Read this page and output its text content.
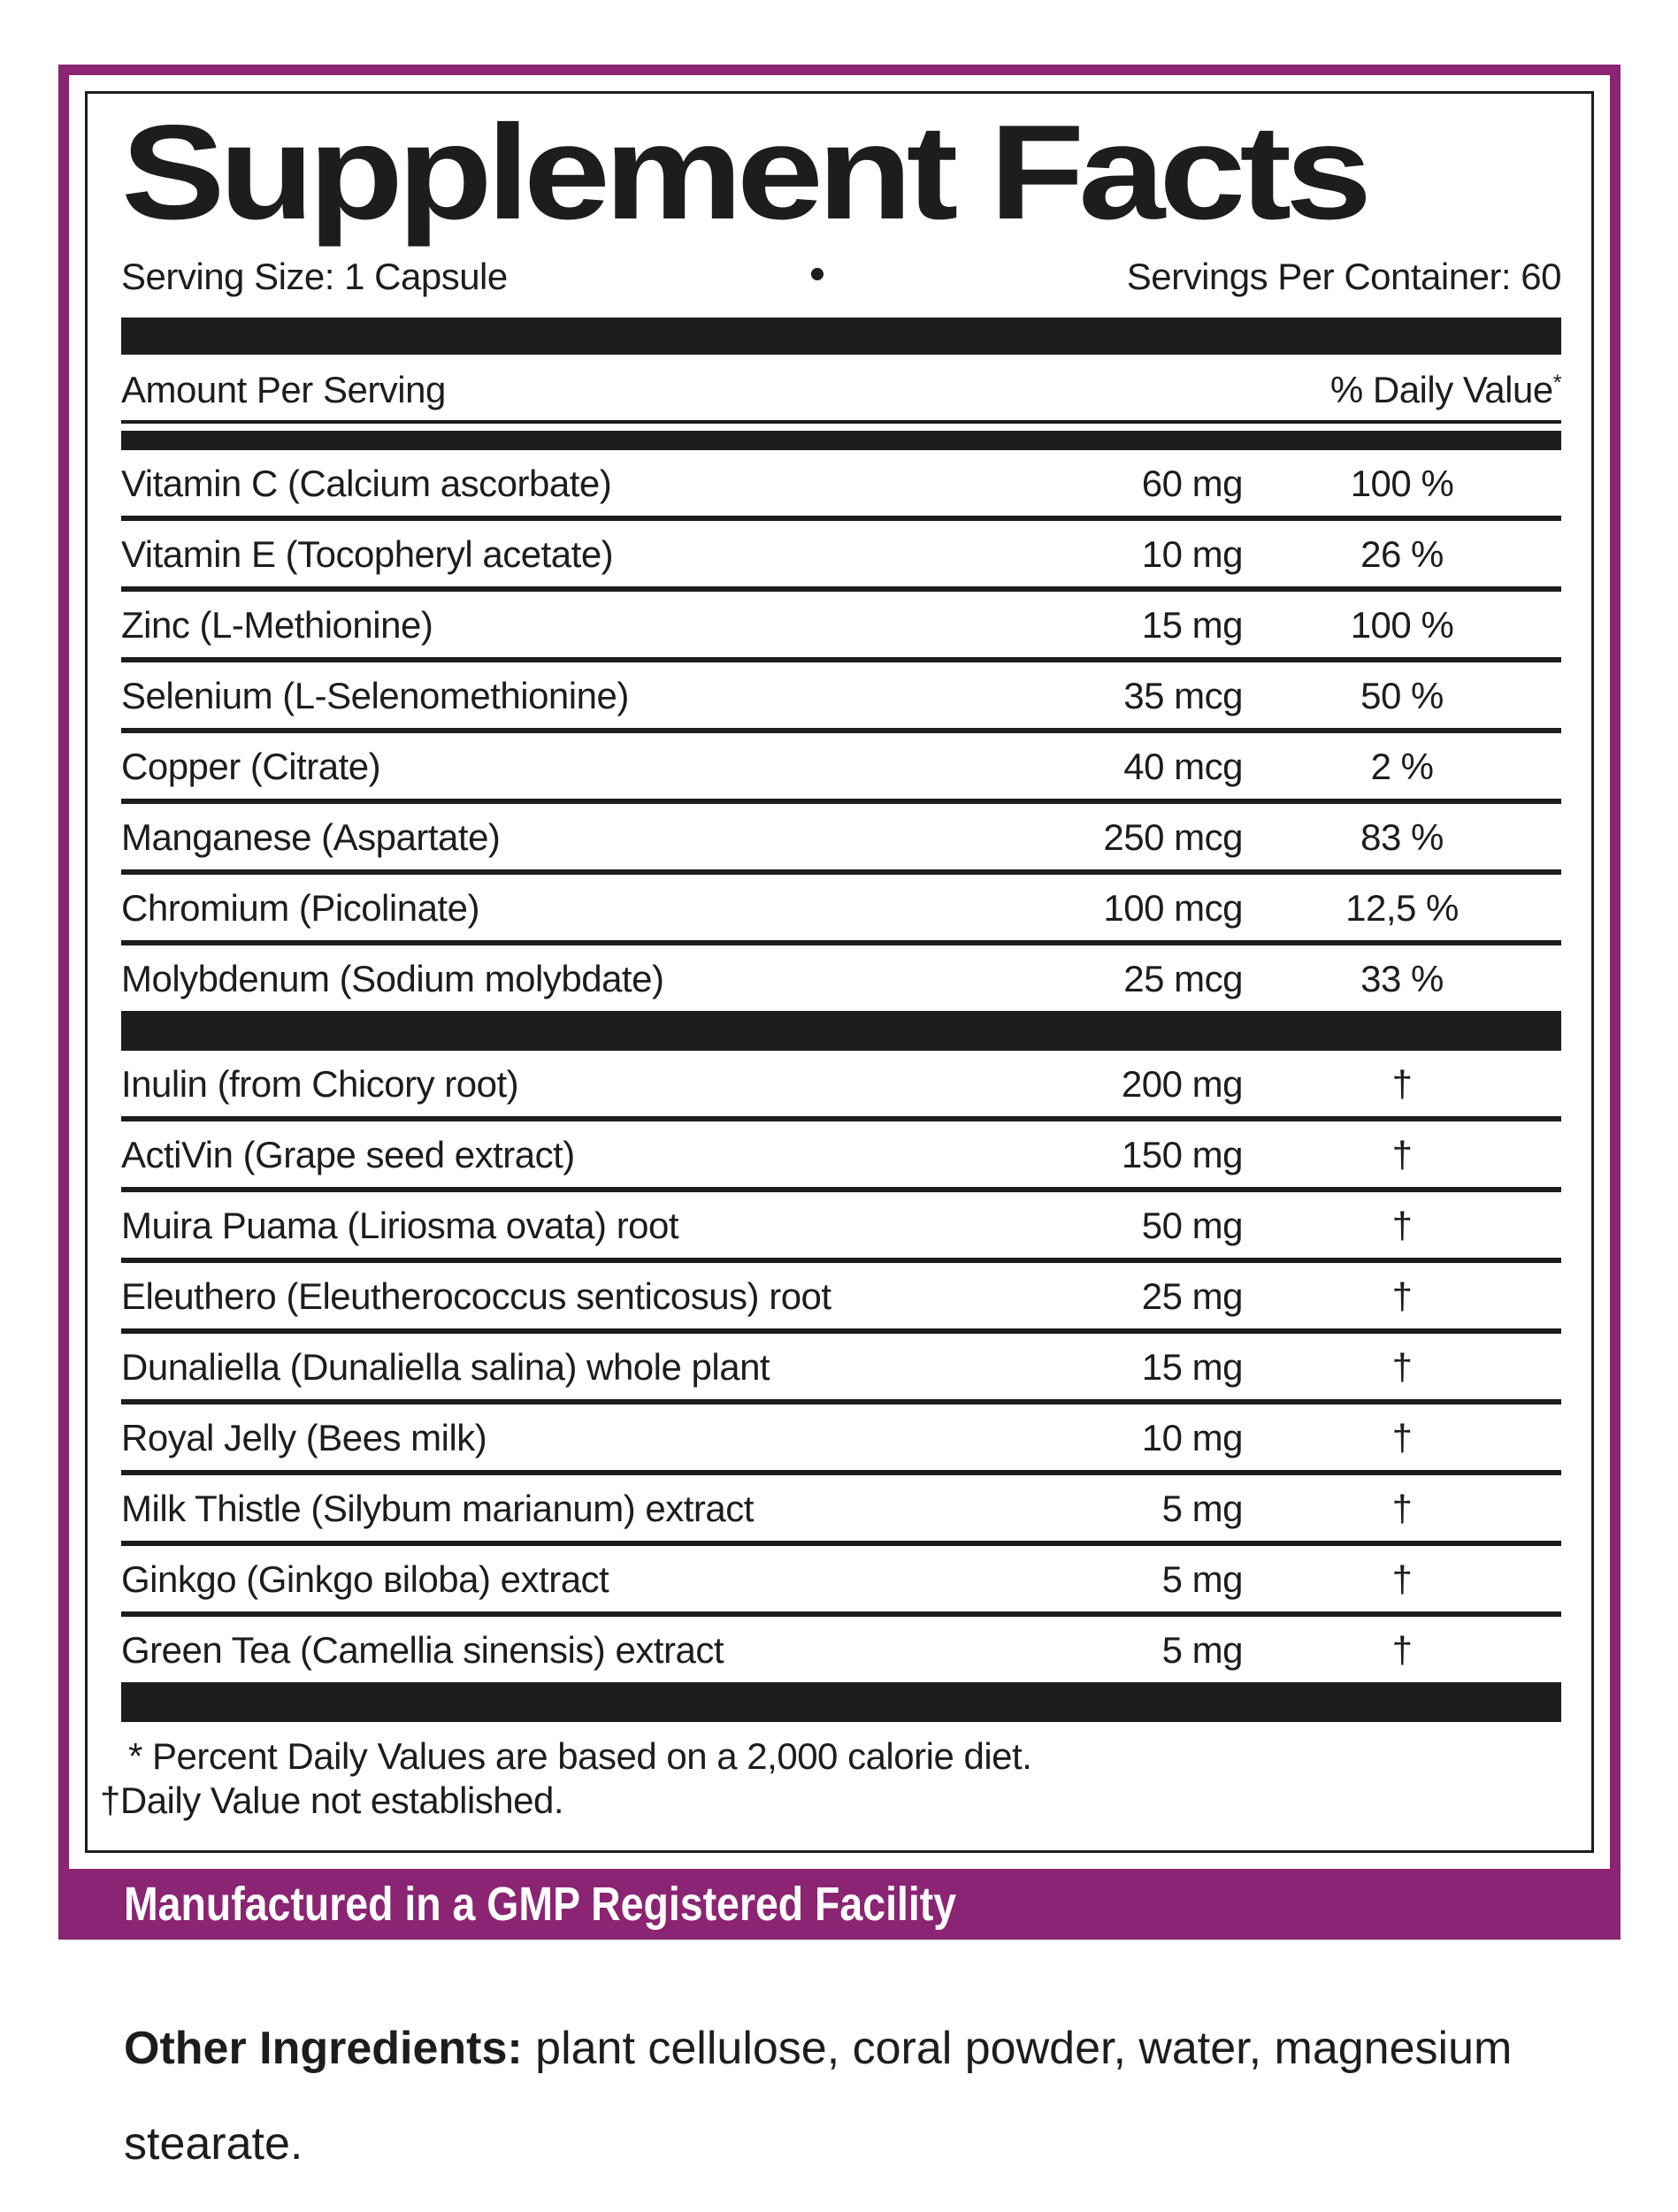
Supplement Facts
Serving Size: 1 Capsule	•	Servings Per Container: 60
Amount Per Serving	% Daily Value*
Vitamin C (Calcium ascorbate)	60 mg	100 %
Vitamin E (Tocopheryl acetate)	10 mg	26 %
Zinc (L-Methionine)	15 mg	100 %
Selenium (L-Selenomethionine)	35 mcg	50 %
Copper (Citrate)	40 mcg	2 %
Manganese (Aspartate)	250 mcg	83 %
Chromium (Picolinate)	100 mcg	12,5 %
Molybdenum (Sodium molybdate)	25 mcg	33 %
Inulin (from Chicory root)	200 mg	†
ActiVin (Grape seed extract)	150 mg	†
Muira Puama (Liriosma ovata) root	50 mg	†
Eleuthero (Eleutherococcus senticosus) root	25 mg	†
Dunaliella (Dunaliella salina) whole plant	15 mg	†
Royal Jelly (Bees milk)	10 mg	†
Milk Thistle (Silybum marianum) extract	5 mg	†
Ginkgo (Ginkgo вiloba) extract	5 mg	†
Green Tea (Camellia sinensis) extract	5 mg	†
* Percent Daily Values are based on a 2,000 calorie diet.
†Daily Value not established.
Manufactured in a GMP Registered Facility

Other Ingredients: plant cellulose, coral powder, water, magnesium stearate.
